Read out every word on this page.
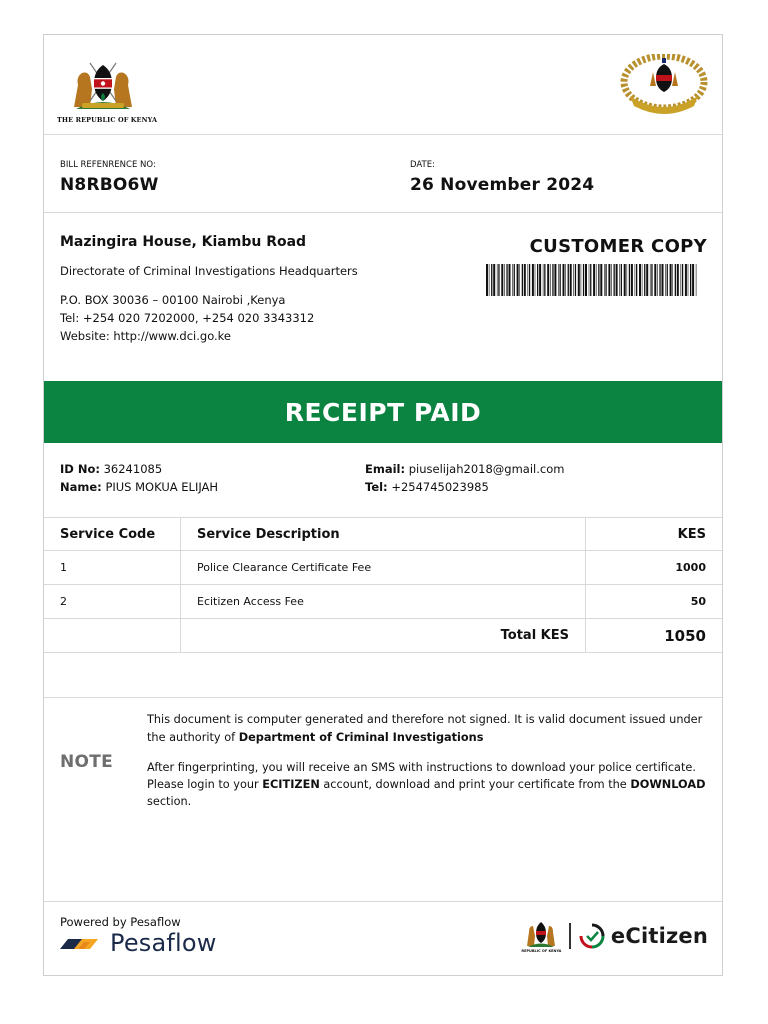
THE REPUBLIC OF KENYA
BILL REFENRENCE NO:
N8RBO6W
DATE:
26 November 2024
Mazingira House, Kiambu Road
Directorate of Criminal Investigations Headquarters
P.O. BOX 30036 – 00100 Nairobi ,Kenya
Tel: +254 020 7202000, +254 020 3343312
Website: http://www.dci.go.ke
CUSTOMER COPY
RECEIPT PAID
ID No: 36241085
Name: PIUS MOKUA ELIJAH
Email: piuselijah2018@gmail.com
Tel: +254745023985
Service Code	Service Description	KES
1	Police Clearance Certificate Fee	1000
2	Ecitizen Access Fee	50
	Total KES	1050
NOTE
This document is computer generated and therefore not signed. It is valid document issued under the authority of Department of Criminal Investigations
After fingerprinting, you will receive an SMS with instructions to download your police certificate. Please login to your ECITIZEN account, download and print your certificate from the DOWNLOAD section.
Powered by Pesaflow
Pesaflow	REPUBLIC OF KENYA
eCitizen
